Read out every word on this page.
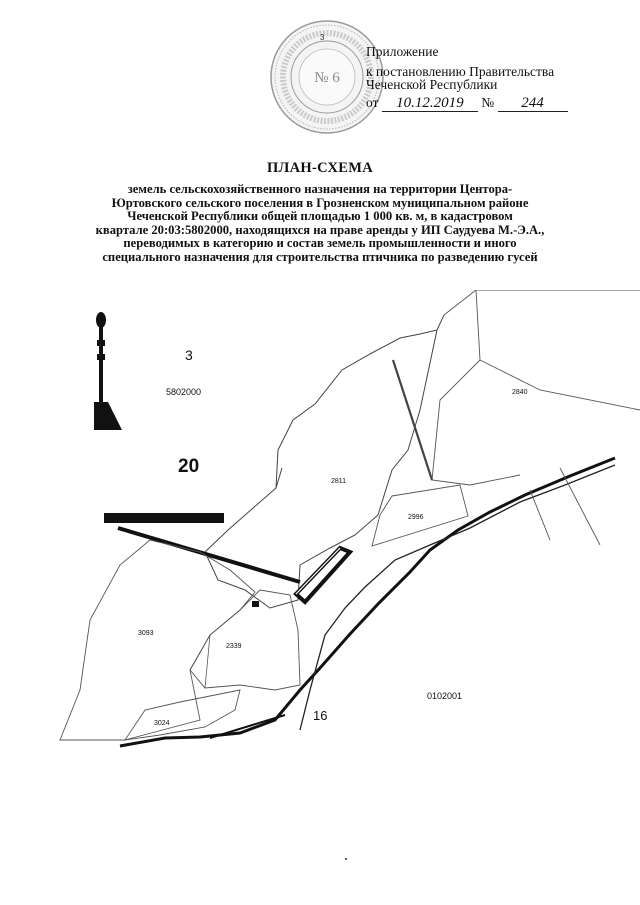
3
№ 6
Приложение
к постановлению Правительства
Чеченской Республики
от 10.12.2019 № 244
ПЛАН-СХЕМА
земель сельскохозяйственного назначения на территории Центора-
Юртовского сельского поселения в Грозненском муниципальном районе
Чеченской Республики общей площадью 1 000 кв. м, в кадастровом
квартале 20:03:5802000, находящихся на праве аренды у ИП Саудуева М.-Э.А.,
переводимых в категорию и состав земель промышленности и иного
специального назначения для строительства птичника по разведению гусей
3
5802000
20
2840
2811
2996
3093
2339
3024
16
0102001
